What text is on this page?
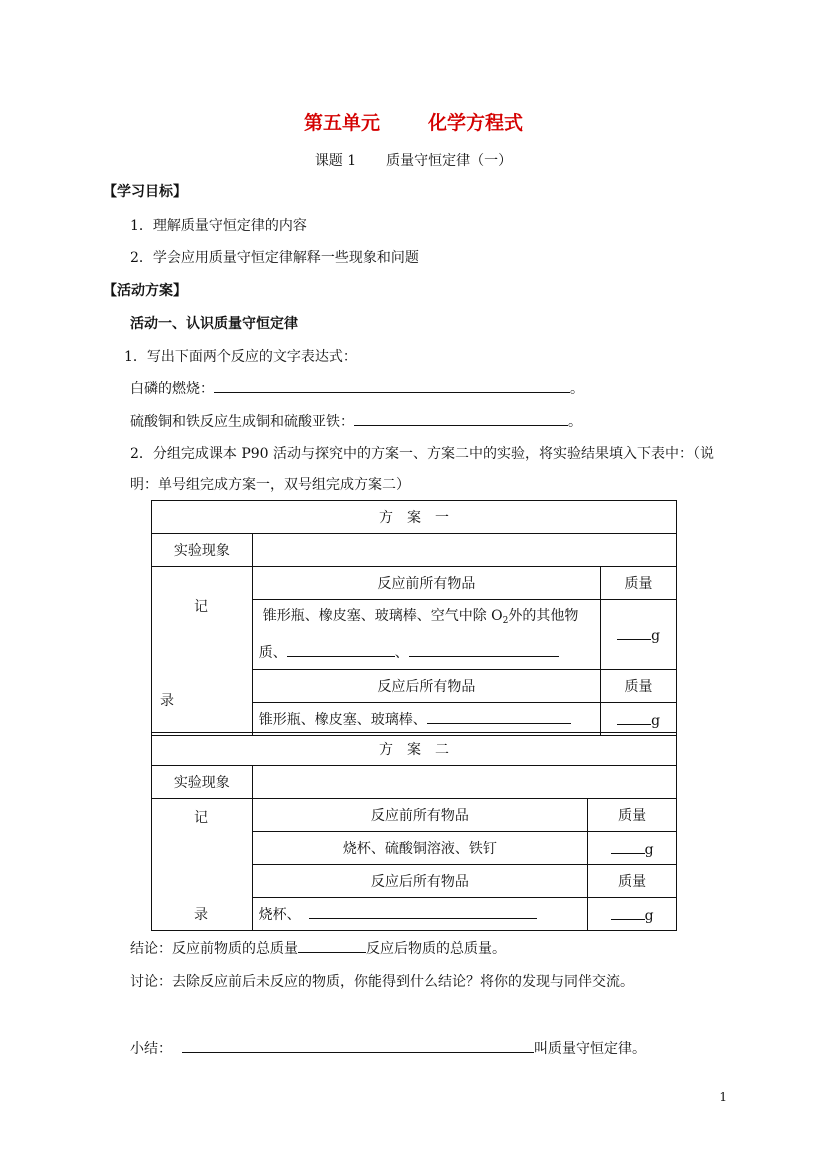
第五单元	化学方程式
课题 1 质量守恒定律（一）
【学习目标】
1．理解质量守恒定律的内容
2．学会应用质量守恒定律解释一些现象和问题
【活动方案】
活动一、认识质量守恒定律
1．写出下面两个反应的文字表达式：
白磷的燃烧：	。
硫酸铜和铁反应生成铜和硫酸亚铁：	。
2．分组完成课本 P90 活动与探究中的方案一、方案二中的实验，将实验结果填入下表中：（说
明：单号组完成方案一，双号组完成方案二）
方　案　一		
实验现象		
	反应前所有物品	质量

	锥形瓶、橡皮塞、玻璃棒、空气中除 $O_2$外的其他物
质、 、	g
	反应后所有物品	质量
	锥形瓶、橡皮塞、玻璃棒、	g
记
录
方　案　二		
实验现象		
	反应前所有物品	质量
	烧杯、硫酸铜溶液、铁钉	g
	反应后所有物品	质量
	烧杯、	g
记
录
结论：反应前物质的总质量	反应后物质的总质量。
讨论：去除反应前后未反应的物质，你能得到什么结论？将你的发现与同伴交流。
小结：	叫质量守恒定律。
1
